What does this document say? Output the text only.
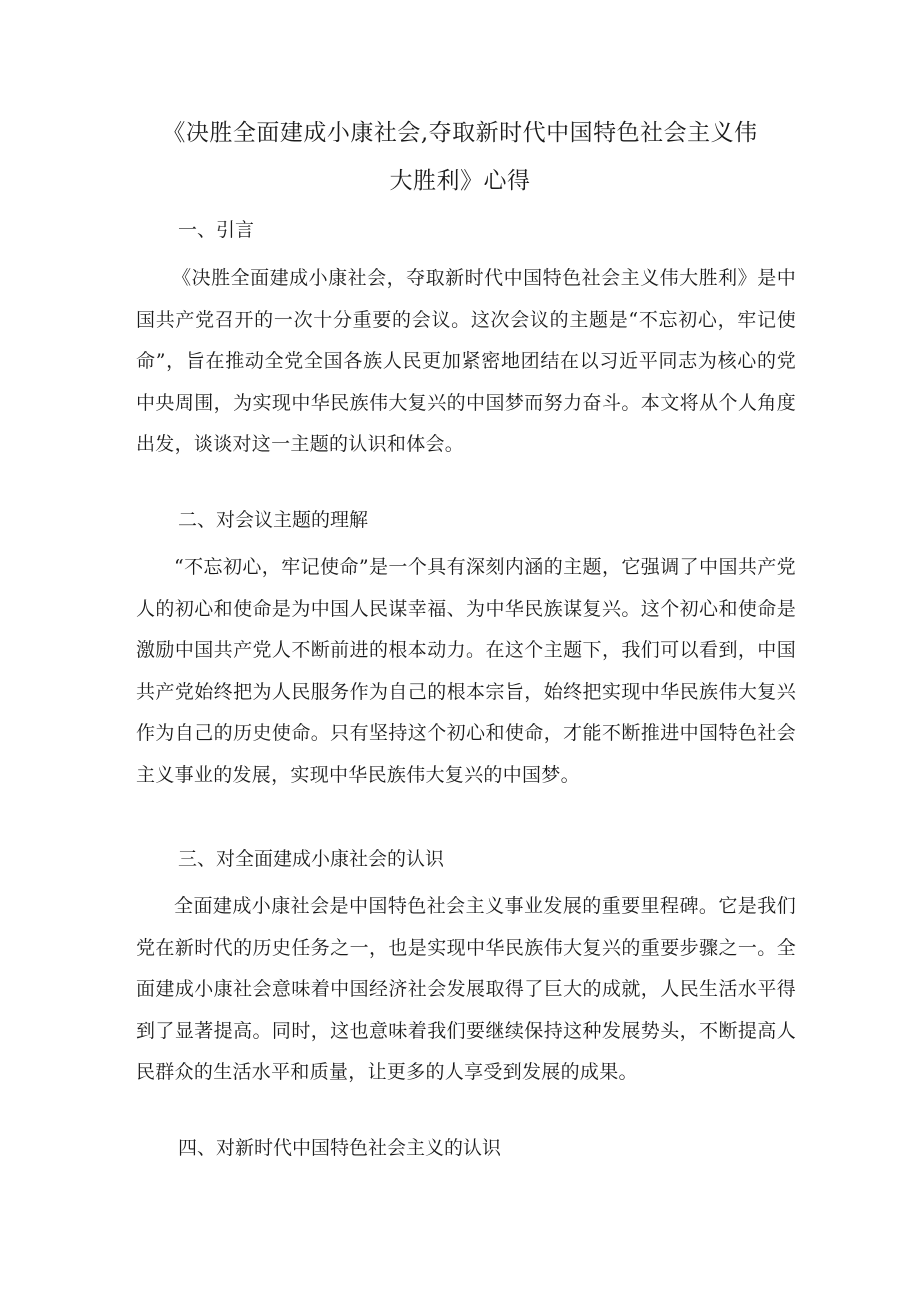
《决胜全面建成小康社会,夺取新时代中国特色社会主义伟
大胜利》心得
一、引言

《决胜全面建成小康社会，夺取新时代中国特色社会主义伟大胜利》是中国共产党召开的一次十分重要的会议。这次会议的主题是“不忘初心，牢记使命”，旨在推动全党全国各族人民更加紧密地团结在以习近平同志为核心的党中央周围，为实现中华民族伟大复兴的中国梦而努力奋斗。本文将从个人角度出发，谈谈对这一主题的认识和体会。

二、对会议主题的理解

“不忘初心，牢记使命”是一个具有深刻内涵的主题，它强调了中国共产党人的初心和使命是为中国人民谋幸福、为中华民族谋复兴。这个初心和使命是激励中国共产党人不断前进的根本动力。在这个主题下，我们可以看到，中国共产党始终把为人民服务作为自己的根本宗旨，始终把实现中华民族伟大复兴作为自己的历史使命。只有坚持这个初心和使命，才能不断推进中国特色社会主义事业的发展，实现中华民族伟大复兴的中国梦。

三、对全面建成小康社会的认识

全面建成小康社会是中国特色社会主义事业发展的重要里程碑。它是我们党在新时代的历史任务之一，也是实现中华民族伟大复兴的重要步骤之一。全面建成小康社会意味着中国经济社会发展取得了巨大的成就，人民生活水平得到了显著提高。同时，这也意味着我们要继续保持这种发展势头，不断提高人民群众的生活水平和质量，让更多的人享受到发展的成果。

四、对新时代中国特色社会主义的认识
